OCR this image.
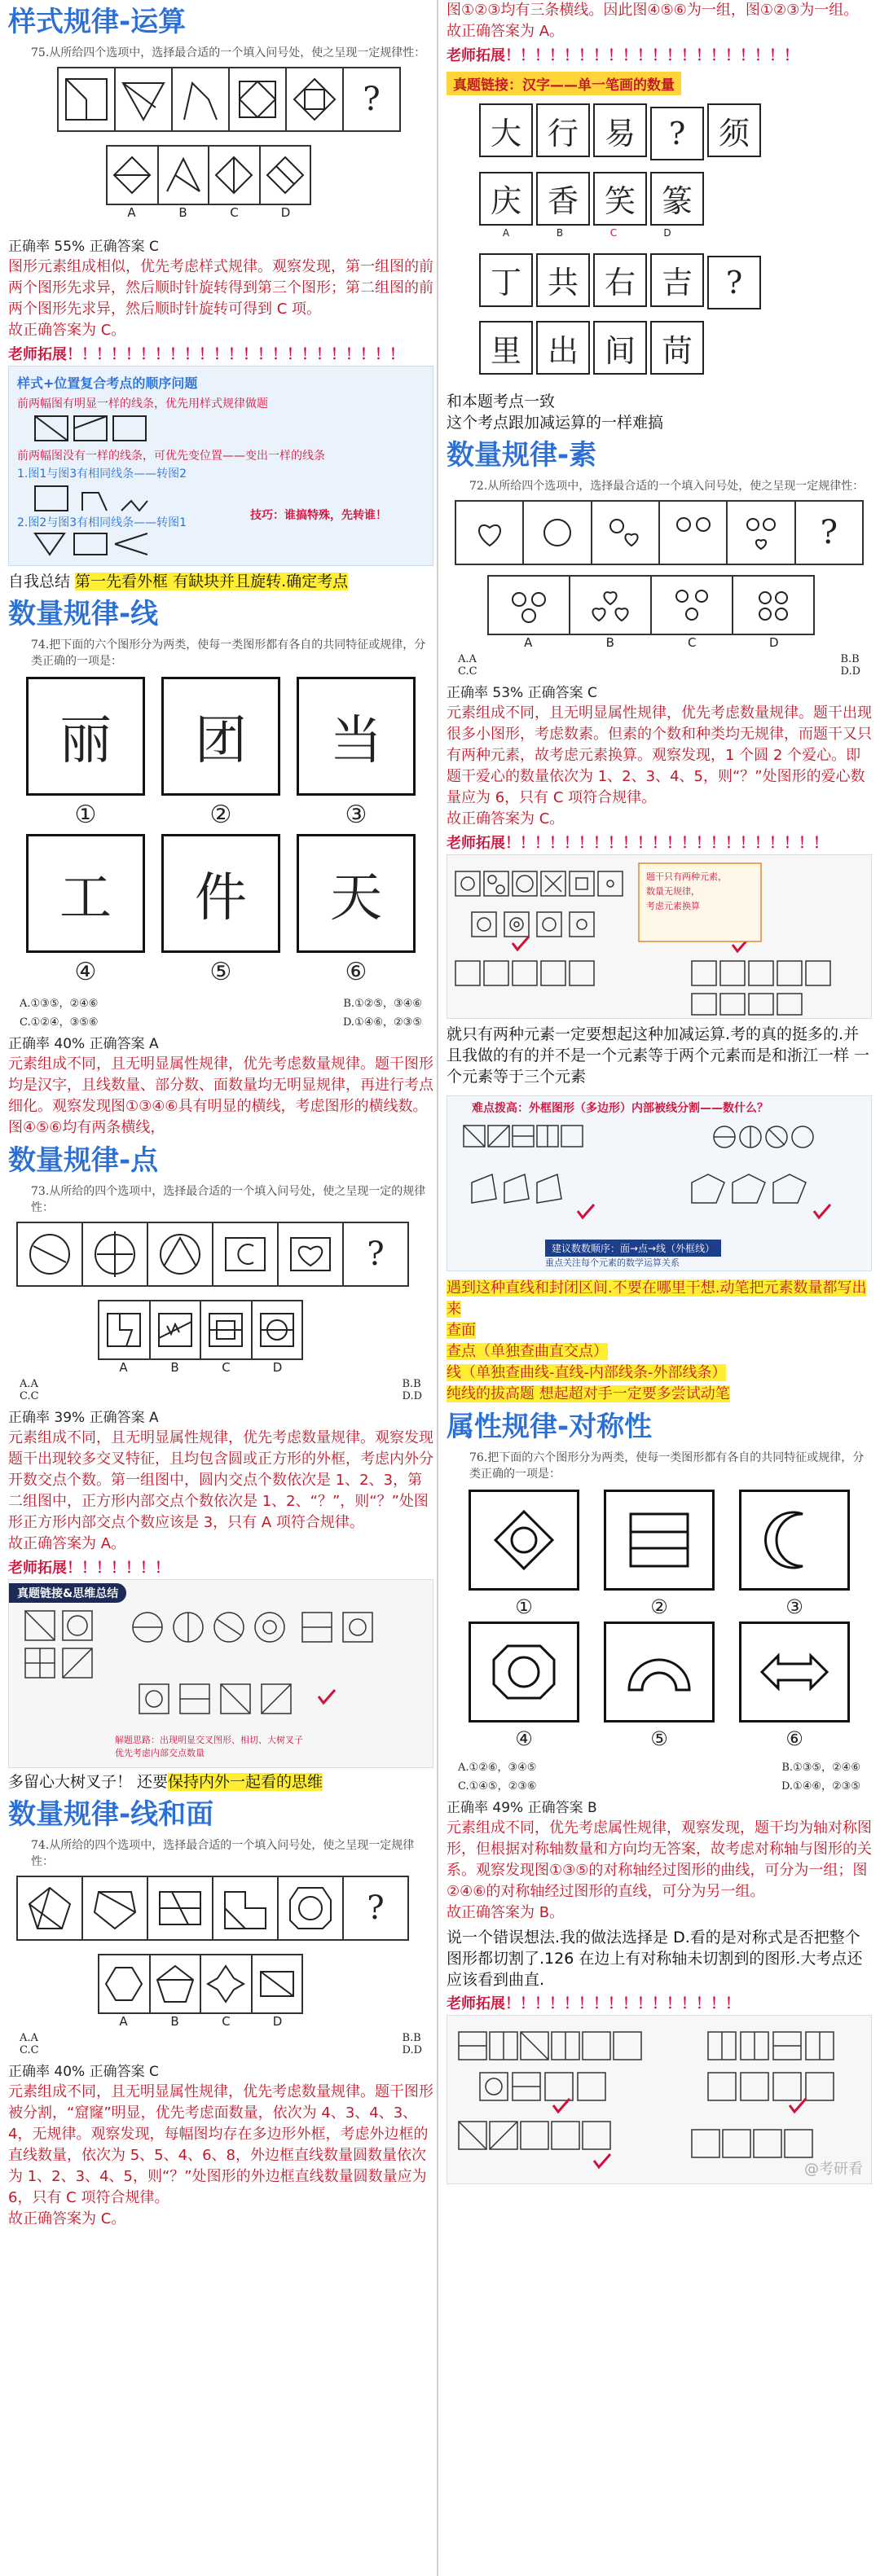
样式规律-运算
75.从所给四个选项中，选择最合适的一个填入问号处，使之呈现一定规律性：
?
A	B	C	D
正确率 55% 正确答案 C

图形元素组成相似，优先考虑样式规律。观察发现，第一组图的前两个图形先求异，然后顺时针旋转得到第三个图形；第二组图的前两个图形先求异，然后顺时针旋转可得到 C 项。

故正确答案为 C。

老师拓展！！！！！！！！！！！！！！！！！！！！！！！
样式+位置复合考点的顺序问题
前两幅图有明显一样的线条，优先用样式规律做题
前两幅图没有一样的线条，可优先变位置——变出一样的线条
1.图1与图3有相同线条——转图2
2.图2与图3有相同线条——转图1
技巧：谁搞特殊，先转谁！
自我总结 第一先看外框 有缺块并且旋转.确定考点
数量规律-线
74.把下面的六个图形分为两类，使每一类图形都有各自的共同特征或规律，分类正确的一项是：
丽
①
团
②
当
③
工
④
件
⑤
天
⑥
A.①③⑤，②④⑥	B.①②⑤，③④⑥
C.①②④，③⑤⑥	D.①④⑥，②③⑤
正确率 40% 正确答案 A

元素组成不同，且无明显属性规律，优先考虑数量规律。题干图形均是汉字，且线数量、部分数、面数量均无明显规律，再进行考点细化。观察发现图①③④⑥具有明显的横线，考虑图形的横线数。图④⑤⑥均有两条横线，

数量规律-点
73.从所给的四个选项中，选择最合适的一个填入问号处，使之呈现一定的规律性：
?
A	B	C	D
A.A
C.C
B.B
D.D
正确率 39% 正确答案 A

元素组成不同，且无明显属性规律，优先考虑数量规律。观察发现题干出现较多交叉特征，且均包含圆或正方形的外框，考虑内外分开数交点个数。第一组图中，圆内交点个数依次是 1、2、3，第二组图中，正方形内部交点个数依次是 1、2、“？”，则“？”处图形正方形内部交点个数应该是 3，只有 A 项符合规律。

故正确答案为 A。

老师拓展！！！！！！！
真题链接&思维总结
解题思路：出现明显交叉图形、相切、大树叉子
优先考虑内部交点数量
多留心大树叉子！ 还要保持内外一起看的思维
数量规律-线和面
74.从所给的四个选项中，选择最合适的一个填入问号处，使之呈现一定规律性：
?
A	B	C	D
A.A
C.C
B.B
D.D
正确率 40% 正确答案 C

元素组成不同，且无明显属性规律，优先考虑数量规律。题干图形被分割，“窟窿”明显，优先考虑面数量，依次为 4、3、4、3、4，无规律。观察发现，每幅图均存在多边形外框，考虑外边框的直线数量，依次为 5、5、4、6、8，外边框直线数量圆数量依次为 1、2、3、4、5，则“？”处图形的外边框直线数量圆数量应为 6，只有 C 项符合规律。

故正确答案为 C。

图①②③均有三条横线。因此图④⑤⑥为一组，图①②③为一组。

故正确答案为 A。

老师拓展！！！！！！！！！！！！！！！！！！！！
真题链接：汉字——单一笔画的数量
大 行 易 ? 须
庆 香 笑 篆
A	B	C	D
丁 共 右 吉 ?
里 出 间 苘
和本题考点一致
这个考点跟加减运算的一样难搞
数量规律-素
72.从所给四个选项中，选择最合适的一个填入问号处，使之呈现一定规律性：
?
A	B	C	D
A.A
C.C
B.B
D.D
正确率 53% 正确答案 C

元素组成不同，且无明显属性规律，优先考虑数量规律。题干出现很多小图形，考虑数素。但素的个数和种类均无规律，而题干又只有两种元素，故考虑元素换算。观察发现，1 个圆 2 个爱心。即题干爱心的数量依次为 1、2、3、4、5，则“？”处图形的爱心数量应为 6，只有 C 项符合规律。

故正确答案为 C。

老师拓展！！！！！！！！！！！！！！！！！！！！！！
题干只有两种元素，
数量无规律，
考虑元素换算
就只有两种元素一定要想起这种加减运算.考的真的挺多的.并且我做的有的并不是一个元素等于两个元素而是和浙江一样 一个元素等于三个元素
难点拨高：外框图形（多边形）内部被线分割——数什么？
建议数数顺序：面→点→线（外框线）
重点关注每个元素的数学运算关系
遇到这种直线和封闭区间.不要在哪里干想.动笔把元素数量都写出来
查面
查点（单独查曲直交点）
线（单独查曲线-直线-内部线条-外部线条）
纯线的拔高题 想起超对手一定要多尝试动笔
属性规律-对称性
76.把下面的六个图形分为两类，使每一类图形都有各自的共同特征或规律，分类正确的一项是：
①	②	③
④	⑤	⑥
A.①②⑥，③④⑤	B.①③⑤，②④⑥
C.①④⑤，②③⑥	D.①④⑥，②③⑤
正确率 49% 正确答案 B

元素组成不同，优先考虑属性规律，观察发现，题干均为轴对称图形，但根据对称轴数量和方向均无答案，故考虑对称轴与图形的关系。观察发现图①③⑤的对称轴经过图形的曲线，可分为一组；图②④⑥的对称轴经过图形的直线，可分为另一组。

故正确答案为 B。

说一个错误想法.我的做法选择是 D.看的是对称式是否把整个图形都切割了.126 在边上有对称轴未切割到的图形.大考点还应该看到曲直.
老师拓展！！！！！！！！！！！！！！！！
@考研看
